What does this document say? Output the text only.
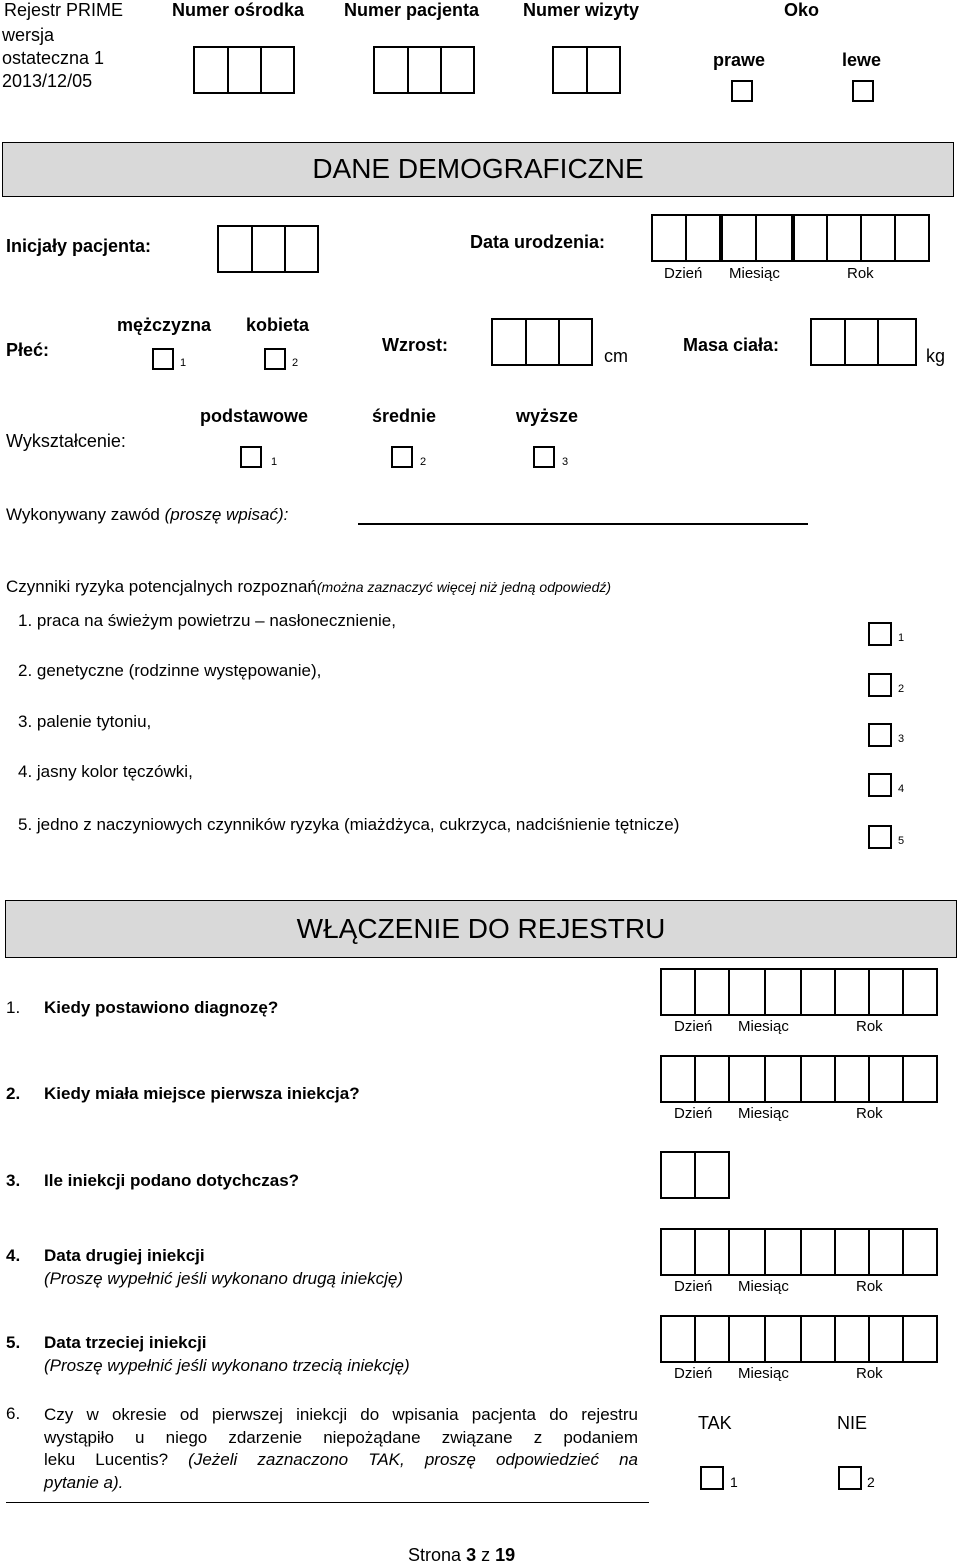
Rejestr PRIME
wersja
ostateczna 1
2013/12/05
Numer ośrodka Numer pacjenta Numer wizyty	Oko
prawe	lewe
DANE DEMOGRAFICZNE
Inicjały pacjenta:	Data urodzenia:
Dzień Miesiąc	Rok
Płeć:
mężczyzna kobieta
1	2
Wzrost:
cm
Masa ciała:
kg
Wykształcenie:
podstawowe	średnie	wyższe
1	2	3
Wykonywany zawód (proszę wpisać):
Czynniki ryzyka potencjalnych rozpoznań(można zaznaczyć więcej niż jedną odpowiedź)
1. praca na świeżym powietrzu – nasłonecznienie,
2. genetyczne (rodzinne występowanie),
3. palenie tytoniu,
4. jasny kolor tęczówki,
5. jedno z naczyniowych czynników ryzyka (miażdżyca, cukrzyca, nadciśnienie tętnicze)
1
2
3
4
5
WŁĄCZENIE DO REJESTRU
1. Kiedy postawiono diagnozę?
Dzień Miesiąc	Rok
2. Kiedy miała miejsce pierwsza iniekcja?
Dzień Miesiąc	Rok
3. Ile iniekcji podano dotychczas?
4. Data drugiej iniekcji
(Proszę wypełnić jeśli wykonano drugą iniekcję)	Dzień Miesiąc	Rok
5. Data trzeciej iniekcji
(Proszę wypełnić jeśli wykonano trzecią iniekcję)	Dzień Miesiąc	Rok
6. Czy w okresie od pierwszej iniekcji do wpisania pacjenta do rejestru
wystąpiło u niego zdarzenie niepożądane związane z podaniem
leku Lucentis? (Jeżeli zaznaczono TAK, proszę odpowiedzieć na
pytanie a).
TAK	NIE
1	2
Strona 3 z 19
